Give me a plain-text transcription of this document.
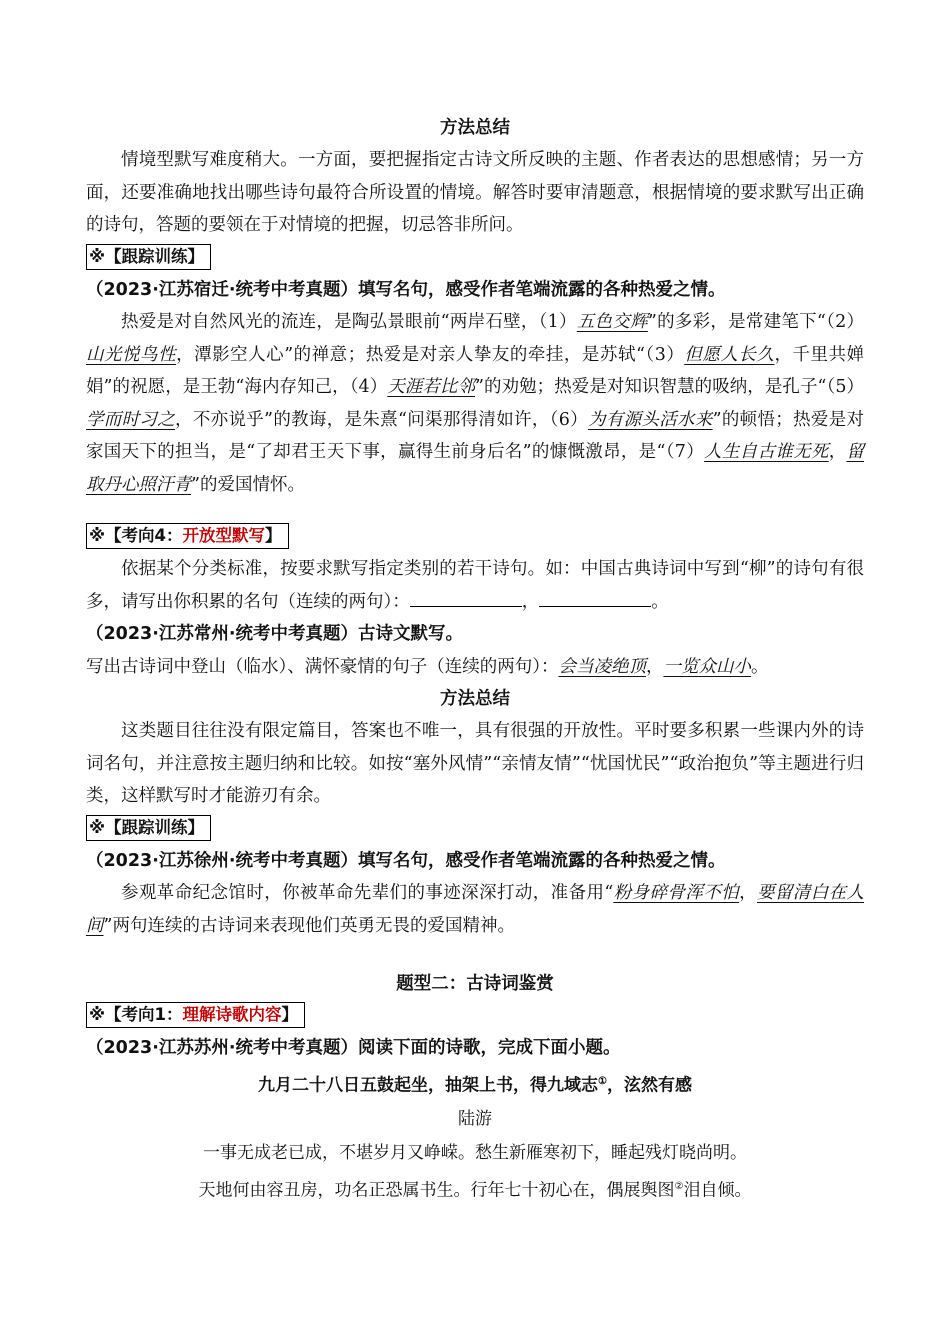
方法总结

情境型默写难度稍大。一方面，要把握指定古诗文所反映的主题、作者表达的思想感情；另一方面，还要准确地找出哪些诗句最符合所设置的情境。解答时要审清题意，根据情境的要求默写出正确的诗句，答题的要领在于对情境的把握，切忌答非所问。

※【跟踪训练】

（2023·江苏宿迁·统考中考真题）填写名句，感受作者笔端流露的各种热爱之情。

热爱是对自然风光的流连，是陶弘景眼前“两岸石壁，（1）五色交辉”的多彩，是常建笔下“（2）山光悦鸟性，潭影空人心”的禅意；热爱是对亲人挚友的牵挂，是苏轼“（3）但愿人长久，千里共婵娟”的祝愿，是王勃“海内存知己，（4）天涯若比邻”的劝勉；热爱是对知识智慧的吸纳，是孔子“（5）学而时习之，不亦说乎”的教诲，是朱熹“问渠那得清如许，（6）为有源头活水来”的顿悟；热爱是对家国天下的担当，是“了却君王天下事，赢得生前身后名”的慷慨激昂，是“（7）人生自古谁无死，留取丹心照汗青”的爱国情怀。

※【考向4：开放型默写】

依据某个分类标准，按要求默写指定类别的若干诗句。如：中国古典诗词中写到“柳”的诗句有很多，请写出你积累的名句（连续的两句）：	，	。

（2023·江苏常州·统考中考真题）古诗文默写。

写出古诗词中登山（临水）、满怀豪情的句子（连续的两句）：会当凌绝顶，一览众山小。

方法总结

这类题目往往没有限定篇目，答案也不唯一，具有很强的开放性。平时要多积累一些课内外的诗词名句，并注意按主题归纳和比较。如按“塞外风情”“亲情友情”“忧国忧民”“政治抱负”等主题进行归类，这样默写时才能游刃有余。

※【跟踪训练】

（2023·江苏徐州·统考中考真题）填写名句，感受作者笔端流露的各种热爱之情。

参观革命纪念馆时，你被革命先辈们的事迹深深打动，准备用“粉身碎骨浑不怕，要留清白在人间”两句连续的古诗词来表现他们英勇无畏的爱国精神。

题型二：古诗词鉴赏

※【考向1：理解诗歌内容】

（2023·江苏苏州·统考中考真题）阅读下面的诗歌，完成下面小题。

九月二十八日五鼓起坐，抽架上书，得九域志①，泫然有感

陆游

一事无成老已成，不堪岁月又峥嵘。愁生新雁寒初下，睡起残灯晓尚明。

天地何由容丑房，功名正恐属书生。行年七十初心在，偶展舆图②泪自倾。
